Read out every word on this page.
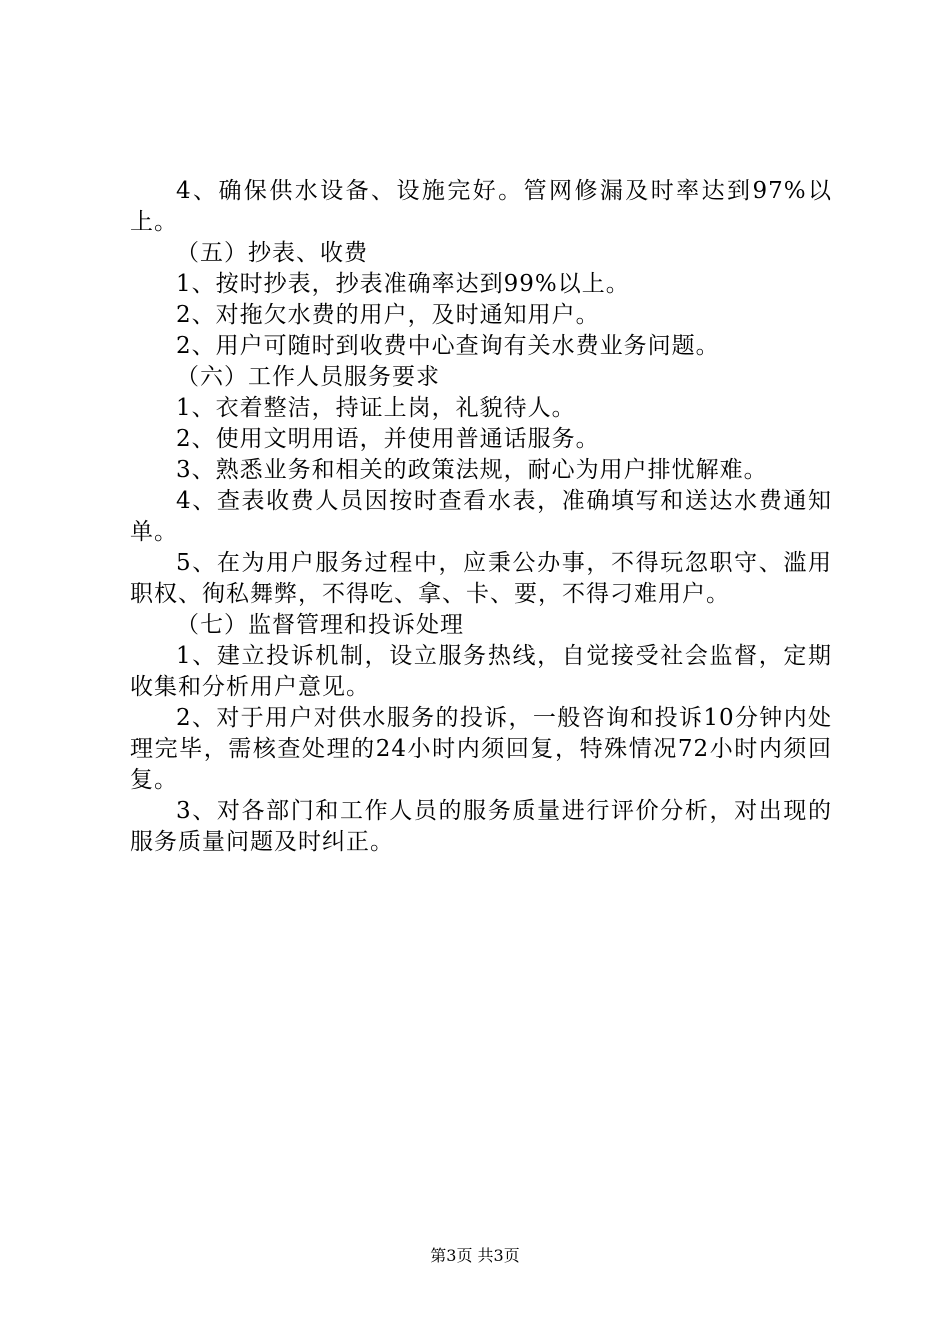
4、确保供水设备、设施完好。管网修漏及时率达到97%以上。

（五）抄表、收费

1、按时抄表，抄表准确率达到99%以上。

2、对拖欠水费的用户，及时通知用户。

2、用户可随时到收费中心查询有关水费业务问题。

（六）工作人员服务要求

1、衣着整洁，持证上岗，礼貌待人。

2、使用文明用语，并使用普通话服务。

3、熟悉业务和相关的政策法规，耐心为用户排忧解难。

4、查表收费人员因按时查看水表，准确填写和送达水费通知单。

5、在为用户服务过程中，应秉公办事，不得玩忽职守、滥用职权、徇私舞弊，不得吃、拿、卡、要，不得刁难用户。

（七）监督管理和投诉处理

1、建立投诉机制，设立服务热线，自觉接受社会监督，定期收集和分析用户意见。

2、对于用户对供水服务的投诉，一般咨询和投诉10分钟内处理完毕，需核查处理的24小时内须回复，特殊情况72小时内须回复。

3、对各部门和工作人员的服务质量进行评价分析，对出现的服务质量问题及时纠正。

第3页 共3页
